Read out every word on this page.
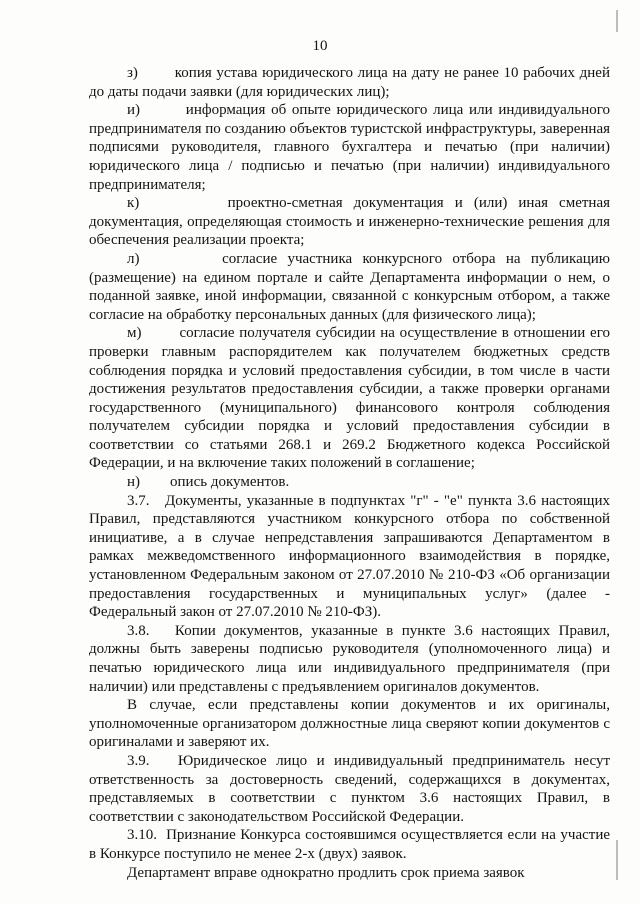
10

з)        копия устава юридического лица на дату не ранее 10 рабочих дней до даты подачи заявки (для юридических лиц);

и)        информация об опыте юридического лица или индивидуального предпринимателя по созданию объектов туристской инфраструктуры, заверенная подписями руководителя, главного бухгалтера и печатью (при наличии) юридического лица / подписью и печатью (при наличии) индивидуального предпринимателя;

к)        проектно-сметная документация и (или) иная сметная документация, определяющая стоимость и инженерно-технические решения для обеспечения реализации проекта;

л)        согласие участника конкурсного отбора на публикацию (размещение) на едином портале и сайте Департамента информации о нем, о поданной заявке, иной информации, связанной с конкурсным отбором, а также согласие на обработку персональных данных (для физического лица);

м)        согласие получателя субсидии на осуществление в отношении его проверки главным распорядителем как получателем бюджетных средств соблюдения порядка и условий предоставления субсидии, в том числе в части достижения результатов предоставления субсидии, а также проверки органами государственного (муниципального) финансового контроля соблюдения получателем субсидии порядка и условий предоставления субсидии в соответствии со статьями 268.1 и 269.2 Бюджетного кодекса Российской Федерации, и на включение таких положений в соглашение;

н)        опись документов.

3.7.   Документы, указанные в подпунктах "г" - "е" пункта 3.6 настоящих Правил, представляются участником конкурсного отбора по собственной инициативе, а в случае непредставления запрашиваются Департаментом в рамках межведомственного информационного взаимодействия в порядке, установленном Федеральным законом от 27.07.2010 № 210-ФЗ «Об организации предоставления государственных и муниципальных услуг» (далее - Федеральный закон от 27.07.2010 № 210-ФЗ).

3.8.   Копии документов, указанные в пункте 3.6 настоящих Правил, должны быть заверены подписью руководителя (уполномоченного лица) и печатью юридического лица или индивидуального предпринимателя (при наличии) или представлены с предъявлением оригиналов документов.

В случае, если представлены копии документов и их оригиналы, уполномоченные организатором должностные лица сверяют копии документов с оригиналами и заверяют их.

3.9.   Юридическое лицо и индивидуальный предприниматель несут ответственность за достоверность сведений, содержащихся в документах, представляемых в соответствии с пунктом 3.6 настоящих Правил, в соответствии с законодательством Российской Федерации.

3.10.  Признание Конкурса состоявшимся осуществляется если на участие в Конкурсе поступило не менее 2-х (двух) заявок.

Департамент вправе однократно продлить срок приема заявок
